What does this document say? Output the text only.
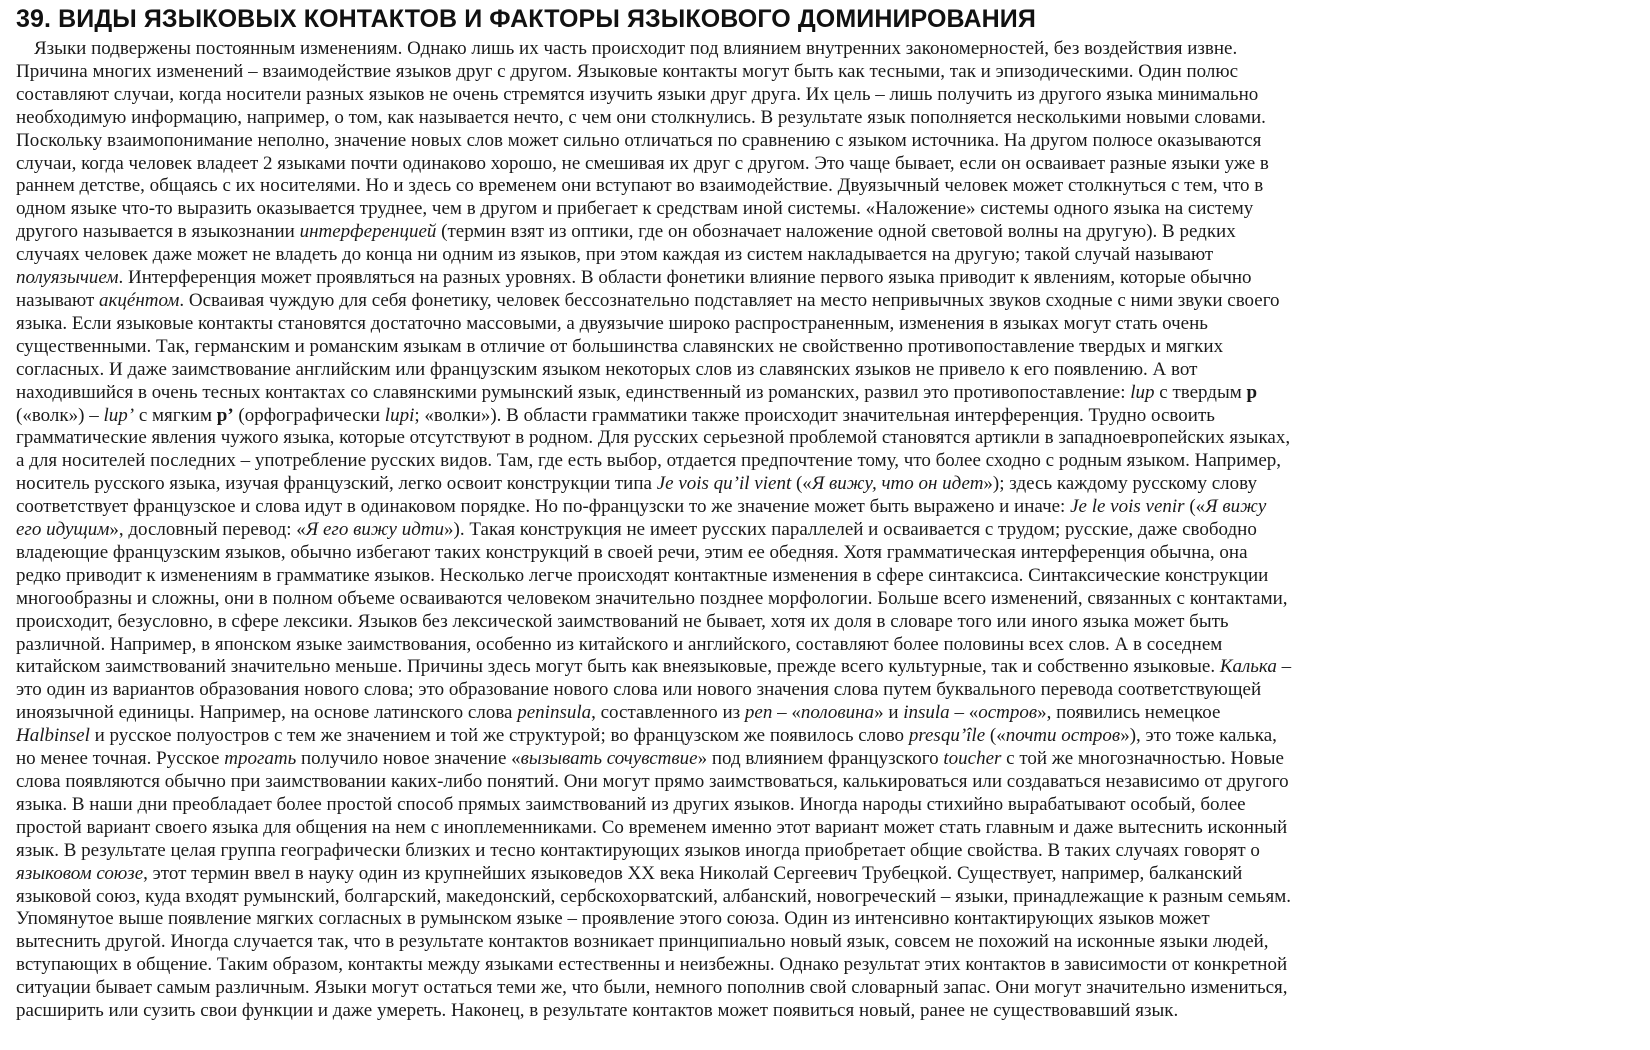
39. ВИДЫ ЯЗЫКОВЫХ КОНТАКТОВ И ФАКТОРЫ ЯЗЫКОВОГО ДОМИНИРОВАНИЯ
Языки подвержены постоянным изменениям. Однако лишь их часть происходит под влиянием внутренних закономерностей, без воздействия извне.
Причина многих изменений – взаимодействие языков друг с другом. Языковые контакты могут быть как тесными, так и эпизодическими. Один полюс
составляют случаи, когда носители разных языков не очень стремятся изучить языки друг друга. Их цель – лишь получить из другого языка минимально
необходимую информацию, например, о том, как называется нечто, с чем они столкнулись. В результате язык пополняется несколькими новыми словами.
Поскольку взаимопонимание неполно, значение новых слов может сильно отличаться по сравнению с языком источника. На другом полюсе оказываются
случаи, когда человек владеет 2 языками почти одинаково хорошо, не смешивая их друг с другом. Это чаще бывает, если он осваивает разные языки уже в
раннем детстве, общаясь с их носителями. Но и здесь со временем они вступают во взаимодействие. Двуязычный человек может столкнуться с тем, что в
одном языке что-то выразить оказывается труднее, чем в другом и прибегает к средствам иной системы. «Наложение» системы одного языка на систему
другого называется в языкознании интерференцией (термин взят из оптики, где он обозначает наложение одной световой волны на другую). В редких
случаях человек даже может не владеть до конца ни одним из языков, при этом каждая из систем накладывается на другую; такой случай называют
полуязычием. Интерференция может проявляться на разных уровнях. В области фонетики влияние первого языка приводит к явлениям, которые обычно
называют акцéнтом. Осваивая чуждую для себя фонетику, человек бессознательно подставляет на место непривычных звуков сходные с ними звуки своего
языка. Если языковые контакты становятся достаточно массовыми, а двуязычие широко распространенным, изменения в языках могут стать очень
существенными. Так, германским и романским языкам в отличие от большинства славянских не свойственно противопоставление твердых и мягких
согласных. И даже заимствование английским или французским языком некоторых слов из славянских языков не привело к его появлению. А вот
находившийся в очень тесных контактах со славянскими румынский язык, единственный из романских, развил это противопоставление: lup с твердым p
(«волк») – lup’ с мягким p’ (орфографически lupi; «волки»). В области грамматики также происходит значительная интерференция. Трудно освоить
грамматические явления чужого языка, которые отсутствуют в родном. Для русских серьезной проблемой становятся артикли в западноевропейских языках,
а для носителей последних – употребление русских видов. Там, где есть выбор, отдается предпочтение тому, что более сходно с родным языком. Например,
носитель русского языка, изучая французский, легко освоит конструкции типа Je vois qu’il vient («Я вижу, что он идет»); здесь каждому русскому слову
соответствует французское и слова идут в одинаковом порядке. Но по-французски то же значение может быть выражено и иначе: Je le vois venir («Я вижу
его идущим», дословный перевод: «Я его вижу идти»). Такая конструкция не имеет русских параллелей и осваивается с трудом; русские, даже свободно
владеющие французским языков, обычно избегают таких конструкций в своей речи, этим ее обедняя. Хотя грамматическая интерференция обычна, она
редко приводит к изменениям в грамматике языков. Несколько легче происходят контактные изменения в сфере синтаксиса. Синтаксические конструкции
многообразны и сложны, они в полном объеме осваиваются человеком значительно позднее морфологии. Больше всего изменений, связанных с контактами,
происходит, безусловно, в сфере лексики. Языков без лексической заимствований не бывает, хотя их доля в словаре того или иного языка может быть
различной. Например, в японском языке заимствования, особенно из китайского и английского, составляют более половины всех слов. А в соседнем
китайском заимствований значительно меньше. Причины здесь могут быть как внеязыковые, прежде всего культурные, так и собственно языковые. Калька –
это один из вариантов образования нового слова; это образование нового слова или нового значения слова путем буквального перевода соответствующей
иноязычной единицы. Например, на основе латинского слова peninsula, составленного из pen – «половина» и insula – «остров», появились немецкое
Halbinsel и русское полуостров с тем же значением и той же структурой; во французском же появилось слово presqu’île («почти остров»), это тоже калька,
но менее точная. Русское трогать получило новое значение «вызывать сочувствие» под влиянием французского toucher с той же многозначностью. Новые
слова появляются обычно при заимствовании каких-либо понятий. Они могут прямо заимствоваться, калькироваться или создаваться независимо от другого
языка. В наши дни преобладает более простой способ прямых заимствований из других языков. Иногда народы стихийно вырабатывают особый, более
простой вариант своего языка для общения на нем с иноплеменниками. Со временем именно этот вариант может стать главным и даже вытеснить исконный
язык. В результате целая группа географически близких и тесно контактирующих языков иногда приобретает общие свойства. В таких случаях говорят о
языковом союзе, этот термин ввел в науку один из крупнейших языковедов XX века Николай Сергеевич Трубецкой. Существует, например, балканский
языковой союз, куда входят румынский, болгарский, македонский, сербскохорватский, албанский, новогреческий – языки, принадлежащие к разным семьям.
Упомянутое выше появление мягких согласных в румынском языке – проявление этого союза. Один из интенсивно контактирующих языков может
вытеснить другой. Иногда случается так, что в результате контактов возникает принципиально новый язык, совсем не похожий на исконные языки людей,
вступающих в общение. Таким образом, контакты между языками естественны и неизбежны. Однако результат этих контактов в зависимости от конкретной
ситуации бывает самым различным. Языки могут остаться теми же, что были, немного пополнив свой словарный запас. Они могут значительно измениться,
расширить или сузить свои функции и даже умереть. Наконец, в результате контактов может появиться новый, ранее не существовавший язык.
